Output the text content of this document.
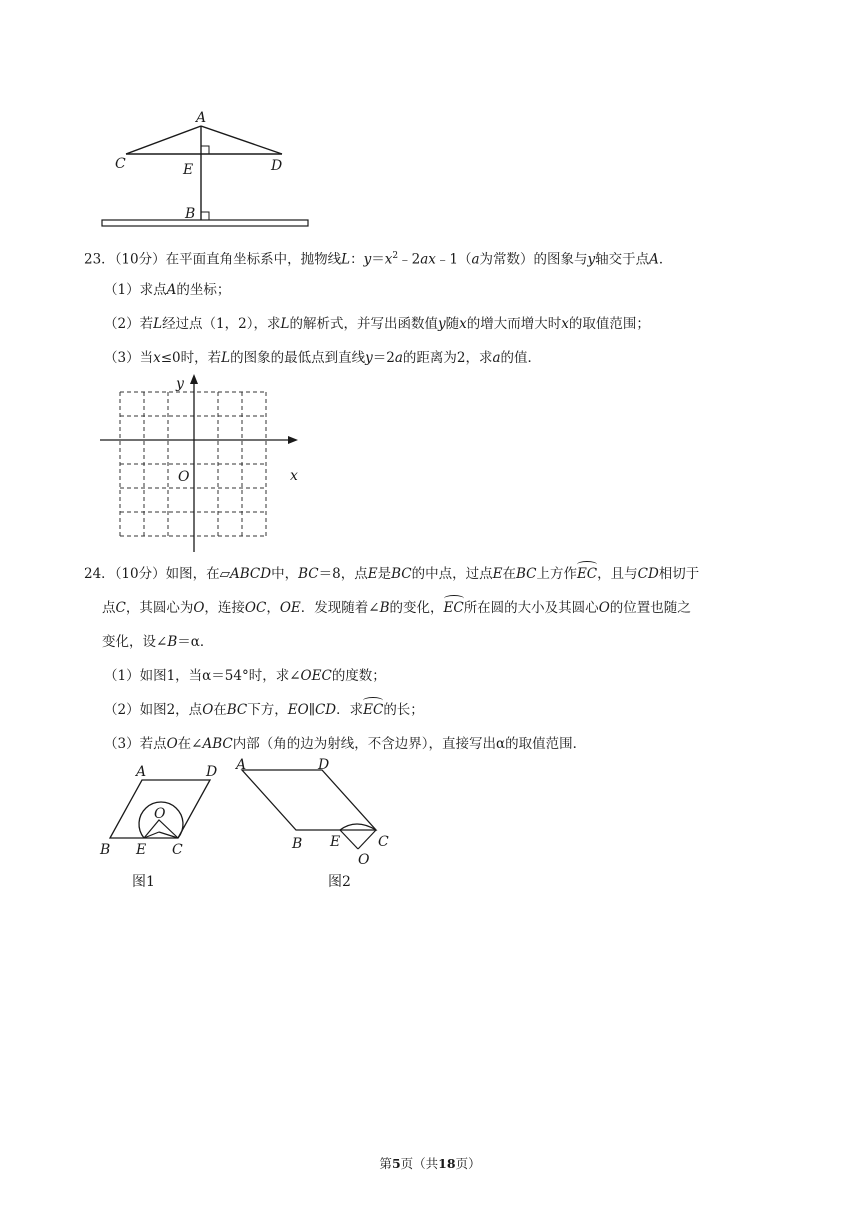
A
C	E	D
B
23．（10分）在平面直角坐标系中，抛物线L：$y=x^2﹣2ax﹣1(a$为常数）的图象与y轴交于点A．
（1）求点A的坐标；
（2）若L经过点（1，2），求L的解析式，并写出函数值y随x的增大而增大时x的取值范围；
（3）当x≤0时，若L的图象的最低点到直线y＝2a的距离为2，求a的值．
y
x
O
24．（10分）如图，在▱ABCD中，BC＝8，点E是BC的中点，过点E在BC上方作EC，且与CD相切于
点C，其圆心为O，连接OC，OE．发现随着∠B的变化，EC所在圆的大小及其圆心O的位置也随之
变化，设∠B＝α．
（1）如图1，当α＝54°时，求∠OEC的度数；
（2）如图2，点O在BC下方，EO∥CD．求EC的长；
（3）若点O在∠ABC内部（角的边为射线，不含边界），直接写出α的取值范围．
A	D
O
B E C
图1
A	D
B E	C
O
图2
第5页（共18页）
